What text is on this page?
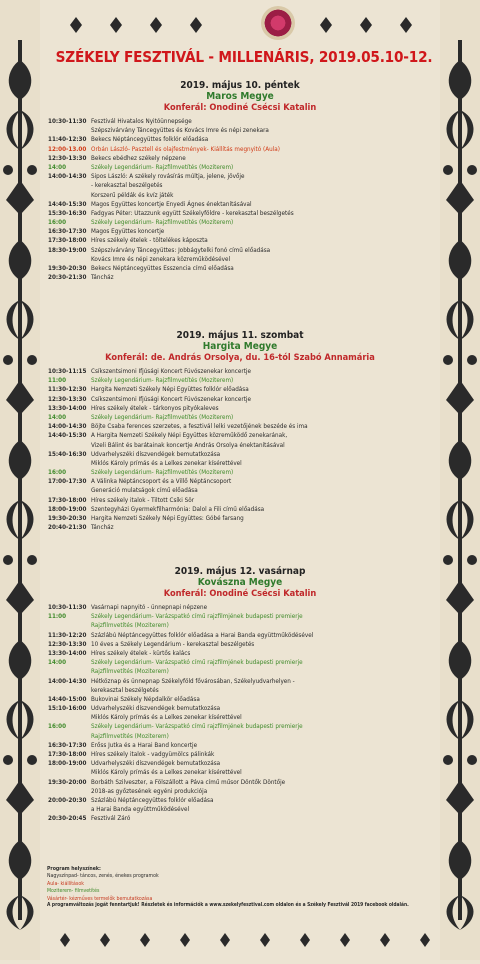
SZÉKELY FESZTIVÁL - MILLENÁRIS, 2019.05.10-12.
2019. május 10. péntek
Maros Megye
Konferál: Onodiné Csécsi Katalin
10:30-11:30 Fesztivál Hivatalos Nyitóünnepsége
Szépszivárvány Táncegyüttes és Kovács Imre és népi zenekara
11:40-12:30 Bekecs Néptáncegyüttes folklór előadása
12:00-13.00 Orbán László- Pasztell és olajfestmények- Kiállítás megnyitó (Aula)
12:30-13:30 Bekecs ebédhez székely népzene
14:00	Székely Legendárium- Rajzfilmvetítés (Moziterem)
14:00-14:30 Sipos László: A székely rovásírás múltja, jelene, jövője
- kerekasztal beszélgetés
Korszerű példák és kvíz játék
14:40-15:30 Magos Együttes koncertje Enyedi Ágnes énektanításával
15:30-16:30 Fadgyas Péter: Utazzunk együtt Székelyföldre - kerekasztal beszélgetés
16:00	Székely Legendárium- Rajzfilmvetítés (Moziterem)
16:30-17:30 Magos Együttes koncertje
17:30-18:00 Híres székely ételek - töltelékes káposzta
18:30-19:00 Szépszivárvány Táncegyüttes: Jobbágytelki fonó című előadása
Kovács Imre és népi zenekara közreműködésével
19:30-20:30 Bekecs Néptáncegyüttes Esszencia című előadása
20:30-21:30 Táncház
2019. május 11. szombat
Hargita Megye
Konferál: de. András Orsolya, du. 16-tól Szabó Annamária
10:30-11:15 Csíkszentsimoni Ifjúsági Koncert Fúvószenekar koncertje
11:00	Székely Legendárium- Rajzfilmvetítés (Moziterem)
11:30-12:30 Hargita Nemzeti Székely Népi Együttes folklór előadása
12:30-13:30 Csíkszentsimoni Ifjúsági Koncert Fúvószenekar koncertje
13:30-14:00 Híres székely ételek - tárkonyos pityókaleves
14:00	Székely Legendárium- Rajzfilmvetítés (Moziterem)
14:00-14:30 Böjte Csaba ferences szerzetes, a fesztivál lelki vezetőjének beszéde és ima
14:40-15:30 A Hargita Nemzeti Székely Népi Együttes közreműködő zenekarának,
Vizeli Bálint és barátainak koncertje András Orsolya énektanításával
15:40-16:30 Udvarhelyszéki díszvendégek bemutatkozása
Miklós Károly prímás és a Lelkes zenekar kísérettével
16:00	Székely Legendárium- Rajzfilmvetítés (Moziterem)
17:00-17:30 A Válinka Néptáncsoport és a Villő Néptáncsoport
Generáció mulatságok című előadása
17:30-18:00 Híres székely italok - Tiltott Csíki Sör
18:00-19:00 Szentegyházi Gyermekfilharmónia: Dalol a Fili című előadása
19:30-20:30 Hargita Nemzeti Székely Népi Együttes: Góbé farsang
20:40-21:30 Táncház
2019. május 12. vasárnap
Kovászna Megye
Konferál: Onodiné Csécsi Katalin
10:30-11:30 Vasárnapi napnyitó - ünnepnapi népzene
11:00	Székely Legendárium- Varázspatkó című rajzfilmjének budapesti premierje
Rajzfilmvetítés (Moziterem)
11:30-12:20 Százlábú Néptáncegyüttes folklór előadása a Harai Banda együttműködésével
12:30-13:30 10 éves a Székely Legendárium - kerekasztal beszélgetés
13:30-14:00 Híres székely ételek - kürtős kalács
14:00	Székely Legendárium- Varázspatkó című rajzfilmjének budapesti premierje
Rajzfilmvetítés (Moziterem)
14:00-14:30 Hétköznap és ünnepnap Székelyföld fővárosában, Székelyudvarhelyen -
kerekasztal beszélgetés
14:40-15:00 Bukovinai Székely Népdalkör előadása
15:10-16:00 Udvarhelyszéki díszvendégek bemutatkozása
Miklós Károly prímás és a Lelkes zenekar kísérettével
16:00	Székely Legendárium- Varázspatkó című rajzfilmjének budapesti premierje
Rajzfilmvetítés (Moziterem)
16:30-17:30 Erőss Jutka és a Harai Band koncertje
17:30-18:00 Híres székely italok - vadgyümölcs pálinkák
18:00-19:00 Udvarhelyszéki díszvendégek bemutatkozása
Miklós Károly prímás és a Lelkes zenekar kísérettével
19:30-20:00 Borbáth Szilveszter, a Fölszállott a Páva című műsor Döntők Döntője
2018-as győztesének egyéni produkciója
20:00-20:30 Százlábú Néptáncegyüttes folklór előadása
a Harai Banda együttműködésével
20:30-20:45 Fesztivál Záró
Program helyszínek:
Nagyszínpad- táncos, zenés, énekes programok
Aula- kiállítások
Moziterem- filmvetítés
Vásártér- kézműves termelők bemutatkozása
A programváltozás jogát fenntartjuk! Részletek és információk a www.szekelyfesztival.com oldalon és a Székely Fesztivál 2019 facebook oldalán.
